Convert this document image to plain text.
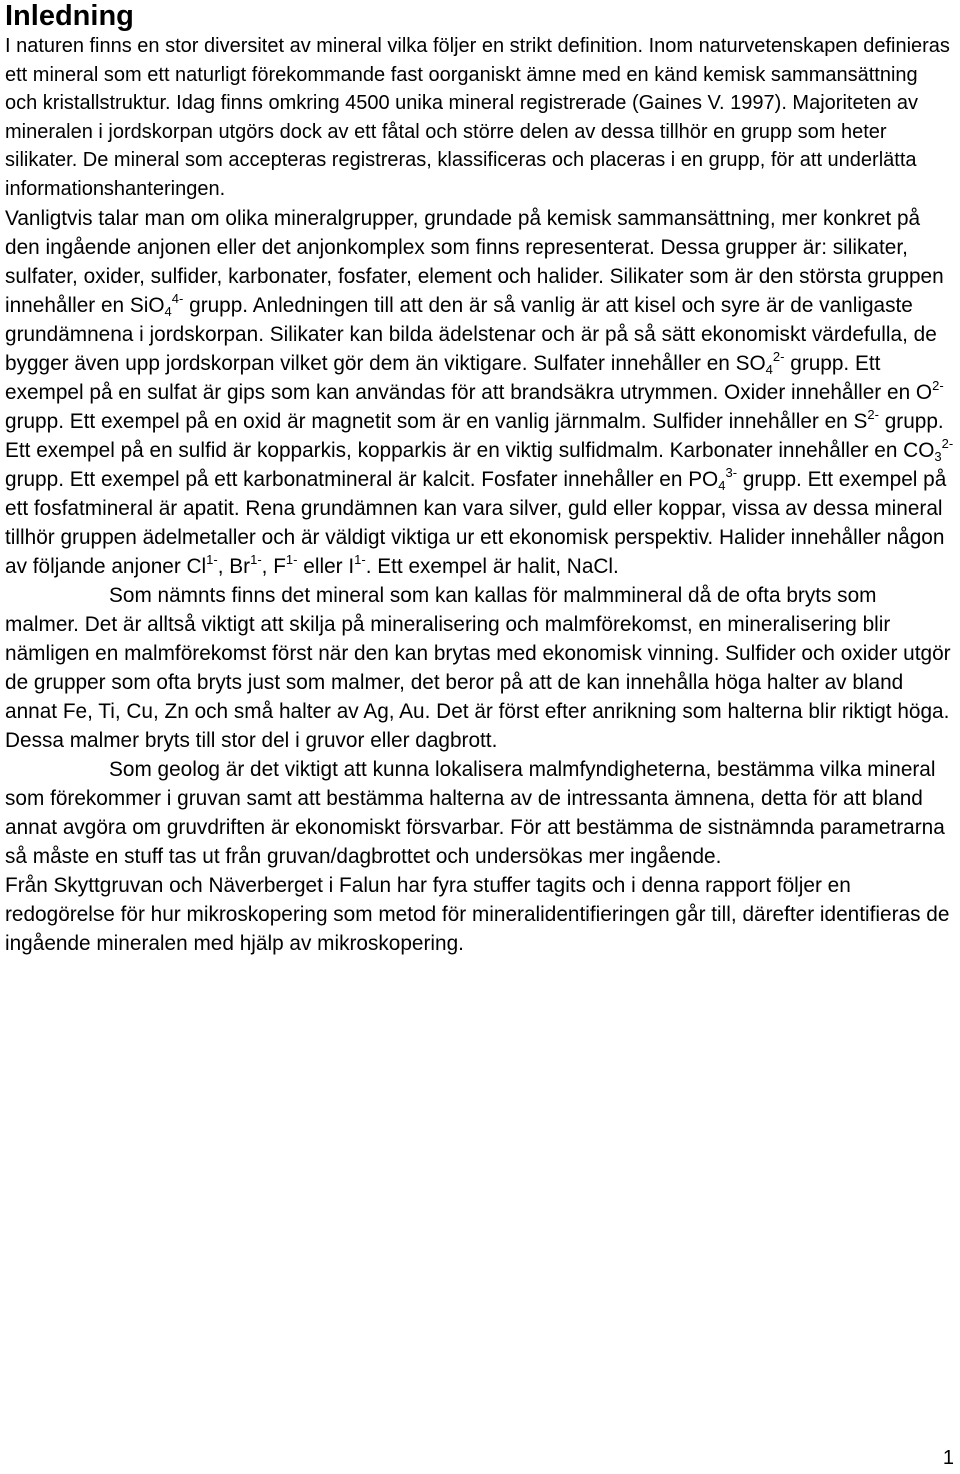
Inledning

I naturen finns en stor diversitet av mineral vilka följer en strikt definition. Inom naturvetenskapen definieras ett mineral som ett naturligt förekommande fast oorganiskt ämne med en känd kemisk sammansättning och kristallstruktur. Idag finns omkring 4500 unika mineral registrerade (Gaines V. 1997). Majoriteten av mineralen i jordskorpan utgörs dock av ett fåtal och större delen av dessa tillhör en grupp som heter silikater. De mineral som accepteras registreras, klassificeras och placeras i en grupp, för att underlätta informationshanteringen.

Vanligtvis talar man om olika mineralgrupper, grundade på kemisk sammansättning, mer konkret på den ingående anjonen eller det anjonkomplex som finns representerat. Dessa grupper är: silikater, sulfater, oxider, sulfider, karbonater, fosfater, element och halider. Silikater som är den största gruppen innehåller en SiO$_4^{4-}$ grupp. Anledningen till att den är så vanlig är att kisel och syre är de vanligaste grundämnena i jordskorpan. Silikater kan bilda ädelstenar och är på så sätt ekonomiskt värdefulla, de bygger även upp jordskorpan vilket gör dem än viktigare. Sulfater innehåller en $SO_4^{2-}$ grupp. Ett exempel på en sulfat är gips som kan användas för att brandsäkra utrymmen. Oxider innehåller en $O^{2-}$ grupp. Ett exempel på en oxid är magnetit som är en vanlig järnmalm. Sulfider innehåller en $S^{2-}$ grupp. Ett exempel på en sulfid är kopparkis, kopparkis är en viktig sulfidmalm. Karbonater innehåller en $CO_3^{2-}$ grupp. Ett exempel på ett karbonatmineral är kalcit. Fosfater innehåller en $PO_4^{3-}$ grupp. Ett exempel på ett fosfatmineral är apatit. Rena grundämnen kan vara silver, guld eller koppar, vissa av dessa mineral tillhör gruppen ädelmetaller och är väldigt viktiga ur ett ekonomisk perspektiv. Halider innehåller någon av följande anjoner $Cl^{1-}$, $Br^{1-}$, $F^{1-}$ eller $I^{1-}$. Ett exempel är halit, NaCl.

Som nämnts finns det mineral som kan kallas för malmmineral då de ofta bryts som malmer. Det är alltså viktigt att skilja på mineralisering och malmförekomst, en mineralisering blir nämligen en malmförekomst först när den kan brytas med ekonomisk vinning. Sulfider och oxider utgör de grupper som ofta bryts just som malmer, det beror på att de kan innehålla höga halter av bland annat Fe, Ti, Cu, Zn och små halter av Ag, Au. Det är först efter anrikning som halterna blir riktigt höga. Dessa malmer bryts till stor del i gruvor eller dagbrott.

Som geolog är det viktigt att kunna lokalisera malmfyndigheterna, bestämma vilka mineral som förekommer i gruvan samt att bestämma halterna av de intressanta ämnena, detta för att bland annat avgöra om gruvdriften är ekonomiskt försvarbar. För att bestämma de sistnämnda parametrarna så måste en stuff tas ut från gruvan/dagbrottet och undersökas mer ingående.

Från Skyttgruvan och Näverberget i Falun har fyra stuffer tagits och i denna rapport följer en redogörelse för hur mikroskopering som metod för mineralidentifieringen går till, därefter identifieras de ingående mineralen med hjälp av mikroskopering.

1
